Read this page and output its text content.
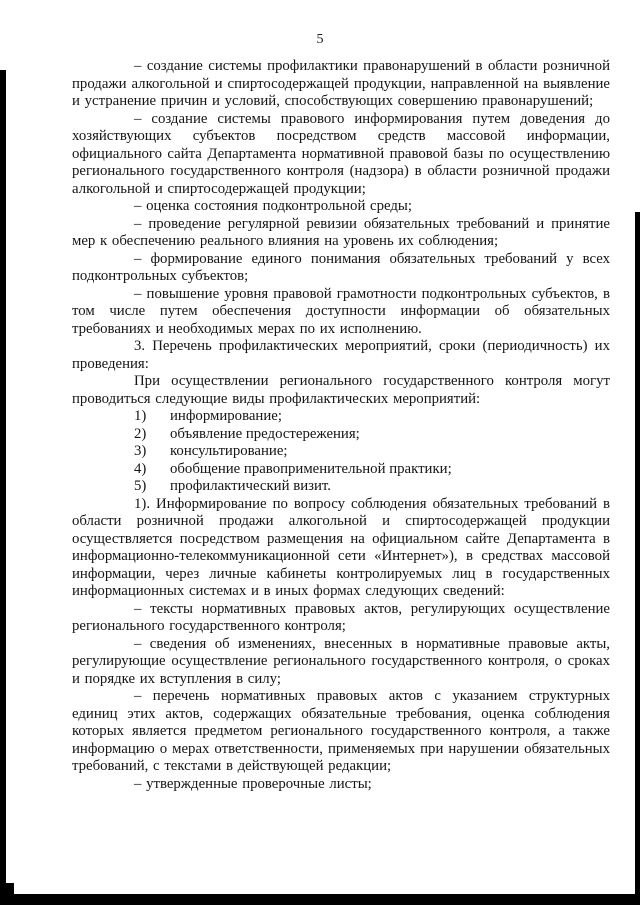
5

– создание системы профилактики правонарушений в области розничной продажи алкогольной и спиртосодержащей продукции, направленной на выявление и устранение причин и условий, способствующих совершению правонарушений;

– создание системы правового информирования путем доведения до хозяйствующих субъектов посредством средств массовой информации, официального сайта Департамента нормативной правовой базы по осуществлению регионального государственного контроля (надзора) в области розничной продажи алкогольной и спиртосодержащей продукции;

– оценка состояния подконтрольной среды;

– проведение регулярной ревизии обязательных требований и принятие мер к обеспечению реального влияния на уровень их соблюдения;

– формирование единого понимания обязательных требований у всех подконтрольных субъектов;

– повышение уровня правовой грамотности подконтрольных субъектов, в том числе путем обеспечения доступности информации об обязательных требованиях и необходимых мерах по их исполнению.

3. Перечень профилактических мероприятий, сроки (периодичность) их проведения:

При осуществлении регионального государственного контроля могут проводиться следующие виды профилактических мероприятий:

1) информирование;

2) объявление предостережения;

3) консультирование;

4) обобщение правоприменительной практики;

5) профилактический визит.

1). Информирование по вопросу соблюдения обязательных требований в области розничной продажи алкогольной и спиртосодержащей продукции осуществляется посредством размещения на официальном сайте Департамента в информационно-телекоммуникационной сети «Интернет»), в средствах массовой информации, через личные кабинеты контролируемых лиц в государственных информационных системах и в иных формах следующих сведений:

– тексты нормативных правовых актов, регулирующих осуществление регионального государственного контроля;

– сведения об изменениях, внесенных в нормативные правовые акты, регулирующие осуществление регионального государственного контроля, о сроках и порядке их вступления в силу;

– перечень нормативных правовых актов с указанием структурных единиц этих актов, содержащих обязательные требования, оценка соблюдения которых является предметом регионального государственного контроля, а также информацию о мерах ответственности, применяемых при нарушении обязательных требований, с текстами в действующей редакции;

– утвержденные проверочные листы;
